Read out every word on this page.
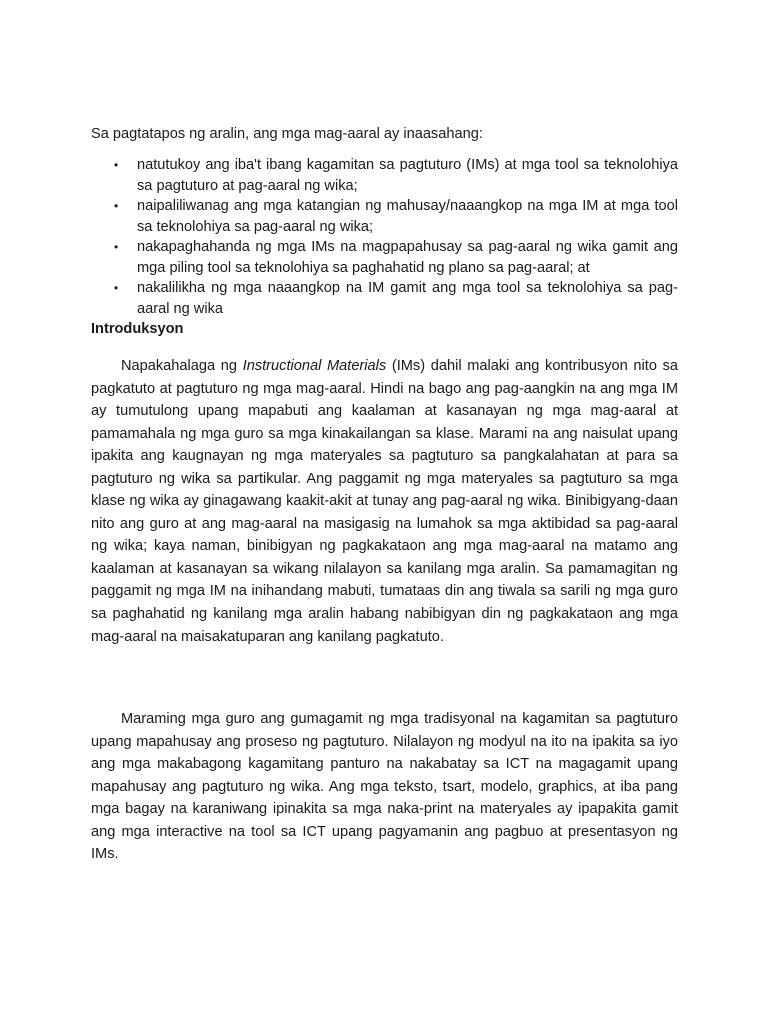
Sa pagtatapos ng aralin, ang mga mag-aaral ay inaasahang:

• natutukoy ang iba't ibang kagamitan sa pagtuturo (IMs) at mga tool sa teknolohiya sa pagtuturo at pag-aaral ng wika;
• naipaliliwanag ang mga katangian ng mahusay/naaangkop na mga IM at mga tool sa teknolohiya sa pag-aaral ng wika;
• nakapaghahanda ng mga IMs na magpapahusay sa pag-aaral ng wika gamit ang mga piling tool sa teknolohiya sa paghahatid ng plano sa pag-aaral; at
• nakalilikha ng mga naaangkop na IM gamit ang mga tool sa teknolohiya sa pag-aaral ng wika
Introduksyon

Napakahalaga ng Instructional Materials (IMs) dahil malaki ang kontribusyon nito sa pagkatuto at pagtuturo ng mga mag-aaral. Hindi na bago ang pag-aangkin na ang mga IM ay tumutulong upang mapabuti ang kaalaman at kasanayan ng mga mag-aaral at pamamahala ng mga guro sa mga kinakailangan sa klase. Marami na ang naisulat upang ipakita ang kaugnayan ng mga materyales sa pagtuturo sa pangkalahatan at para sa pagtuturo ng wika sa partikular. Ang paggamit ng mga materyales sa pagtuturo sa mga klase ng wika ay ginagawang kaakit-akit at tunay ang pag-aaral ng wika. Binibigyang-daan nito ang guro at ang mag-aaral na masigasig na lumahok sa mga aktibidad sa pag-aaral ng wika; kaya naman, binibigyan ng pagkakataon ang mga mag-aaral na matamo ang kaalaman at kasanayan sa wikang nilalayon sa kanilang mga aralin. Sa pamamagitan ng paggamit ng mga IM na inihandang mabuti, tumataas din ang tiwala sa sarili ng mga guro sa paghahatid ng kanilang mga aralin habang nabibigyan din ng pagkakataon ang mga mag-aaral na maisakatuparan ang kanilang pagkatuto.

Maraming mga guro ang gumagamit ng mga tradisyonal na kagamitan sa pagtuturo upang mapahusay ang proseso ng pagtuturo. Nilalayon ng modyul na ito na ipakita sa iyo ang mga makabagong kagamitang panturo na nakabatay sa ICT na magagamit upang mapahusay ang pagtuturo ng wika. Ang mga teksto, tsart, modelo, graphics, at iba pang mga bagay na karaniwang ipinakita sa mga naka-print na materyales ay ipapakita gamit ang mga interactive na tool sa ICT upang pagyamanin ang pagbuo at presentasyon ng IMs.
